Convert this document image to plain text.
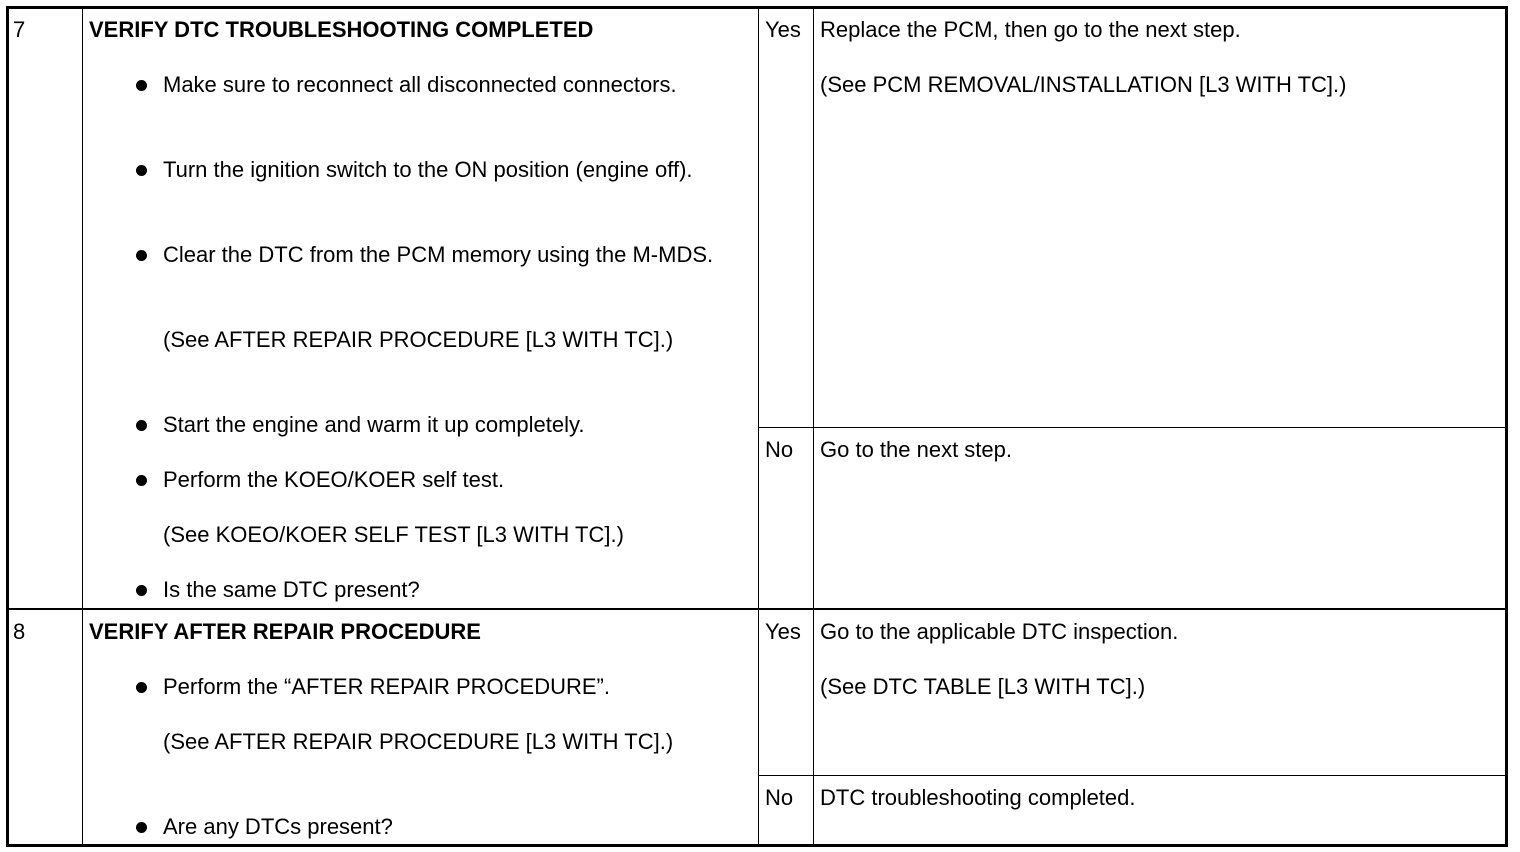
7	VERIFY DTC TROUBLESHOOTING COMPLETED
Make sure to reconnect all disconnected connectors.
Turn the ignition switch to the ON position (engine off).
Clear the DTC from the PCM memory using the M-MDS.
(See AFTER REPAIR PROCEDURE [L3 WITH TC].)
Start the engine and warm it up completely.
Perform the KOEO/KOER self test.
(See KOEO/KOER SELF TEST [L3 WITH TC].)
Is the same DTC present?
Yes Replace the PCM, then go to the next step.
(See PCM REMOVAL/INSTALLATION [L3 WITH TC].)
No Go to the next step.
8	VERIFY AFTER REPAIR PROCEDURE
Perform the “AFTER REPAIR PROCEDURE”.
(See AFTER REPAIR PROCEDURE [L3 WITH TC].)
Are any DTCs present?
Yes Go to the applicable DTC inspection.
(See DTC TABLE [L3 WITH TC].)
No DTC troubleshooting completed.
